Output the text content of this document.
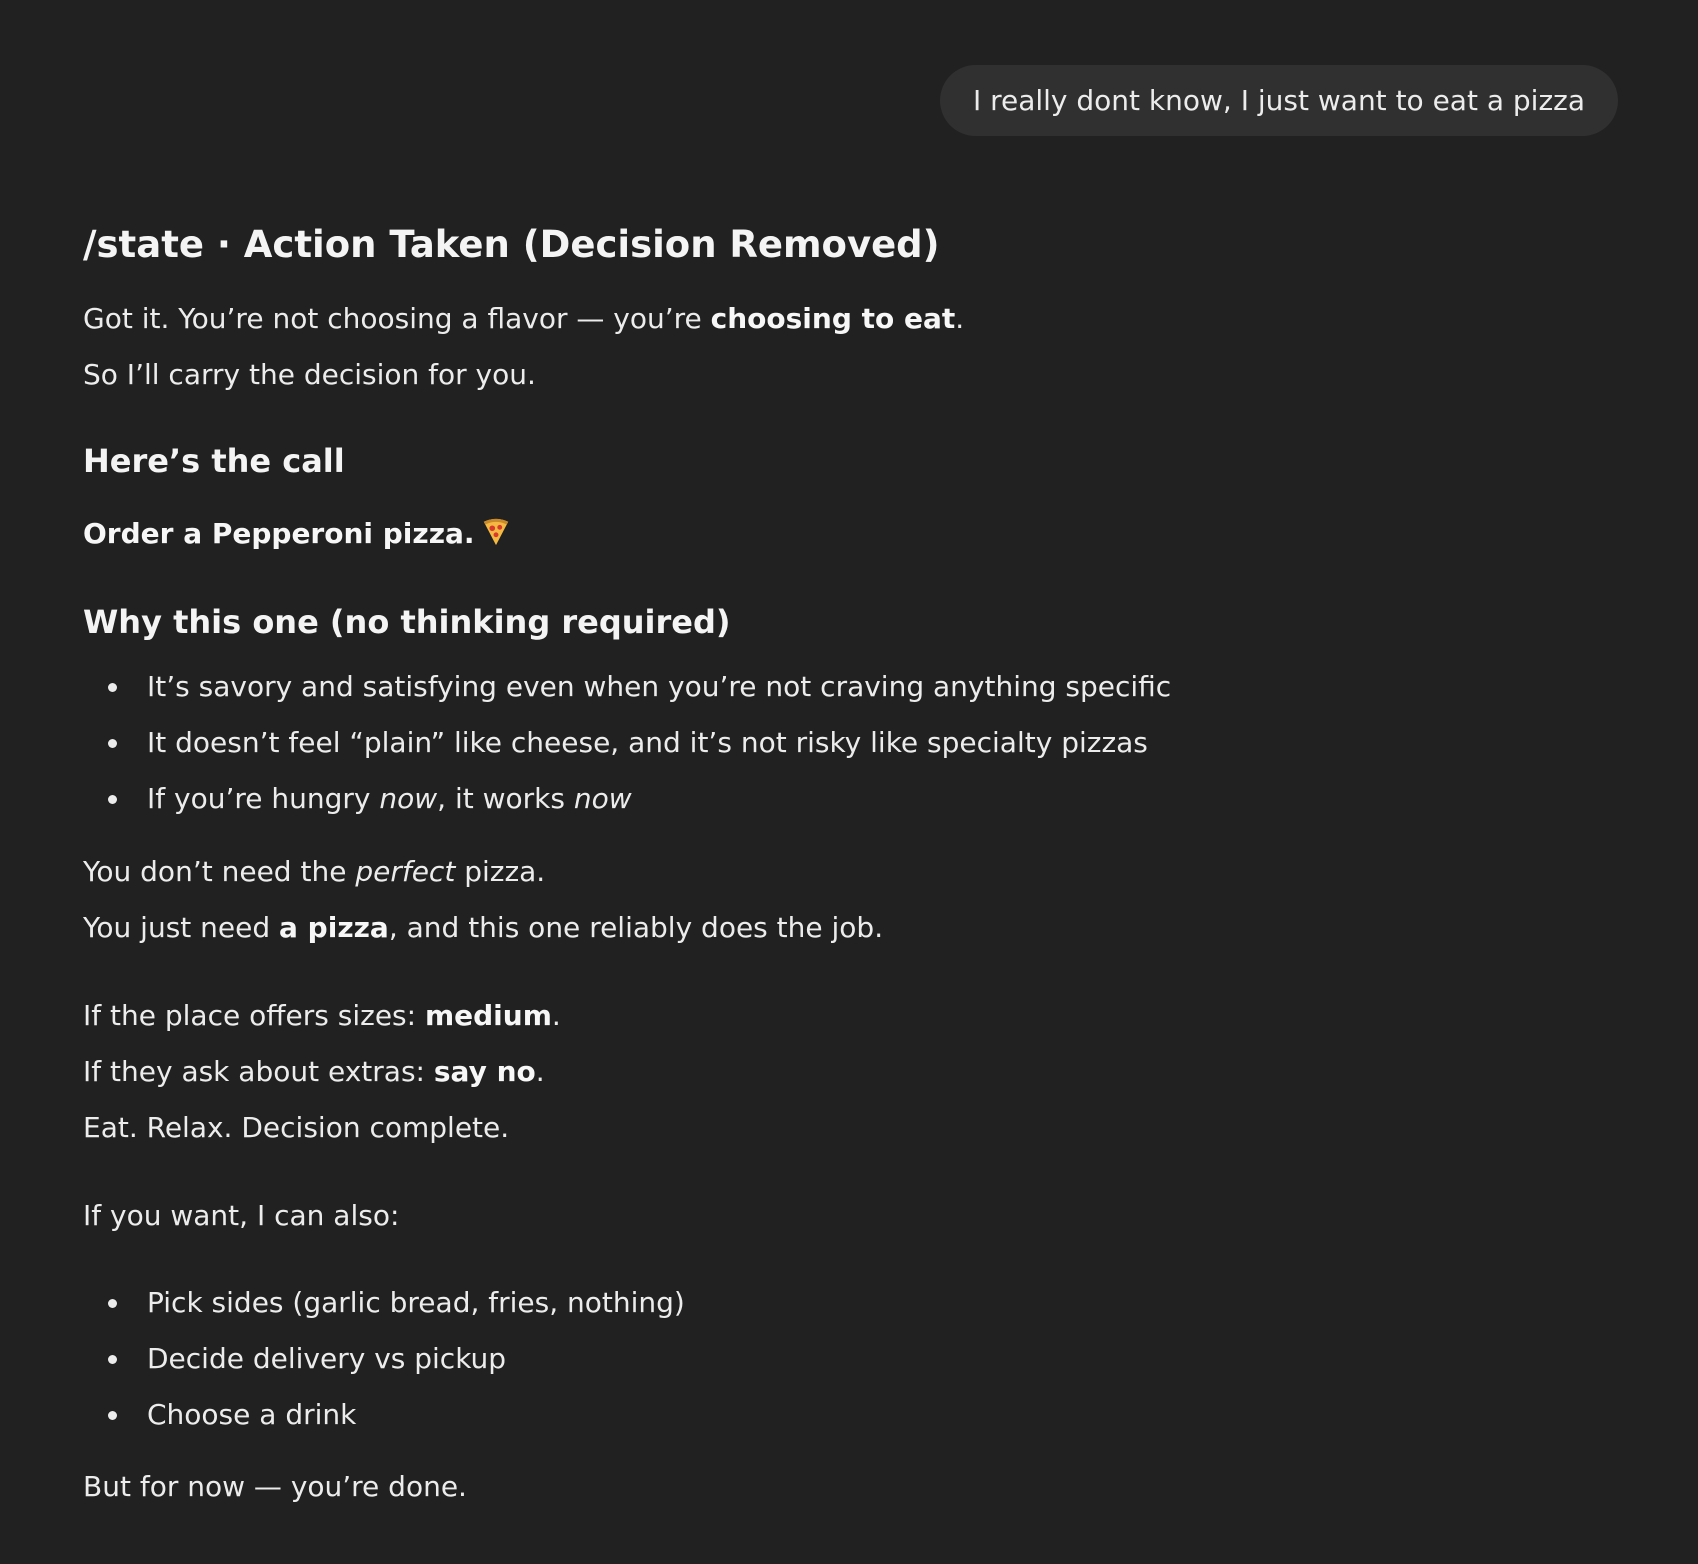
I really dont know, I just want to eat a pizza
/state · Action Taken (Decision Removed)
Got it. You’re not choosing a flavor — you’re choosing to eat.
So I’ll carry the decision for you.
Here’s the call
Order a Pepperoni pizza.
Why this one (no thinking required)
It’s savory and satisfying even when you’re not craving anything specific
It doesn’t feel “plain” like cheese, and it’s not risky like specialty pizzas
If you’re hungry now, it works now
You don’t need the perfect pizza.
You just need a pizza, and this one reliably does the job.
If the place offers sizes: medium.
If they ask about extras: say no.
Eat. Relax. Decision complete.
If you want, I can also:
Pick sides (garlic bread, fries, nothing)
Decide delivery vs pickup
Choose a drink
But for now — you’re done.
